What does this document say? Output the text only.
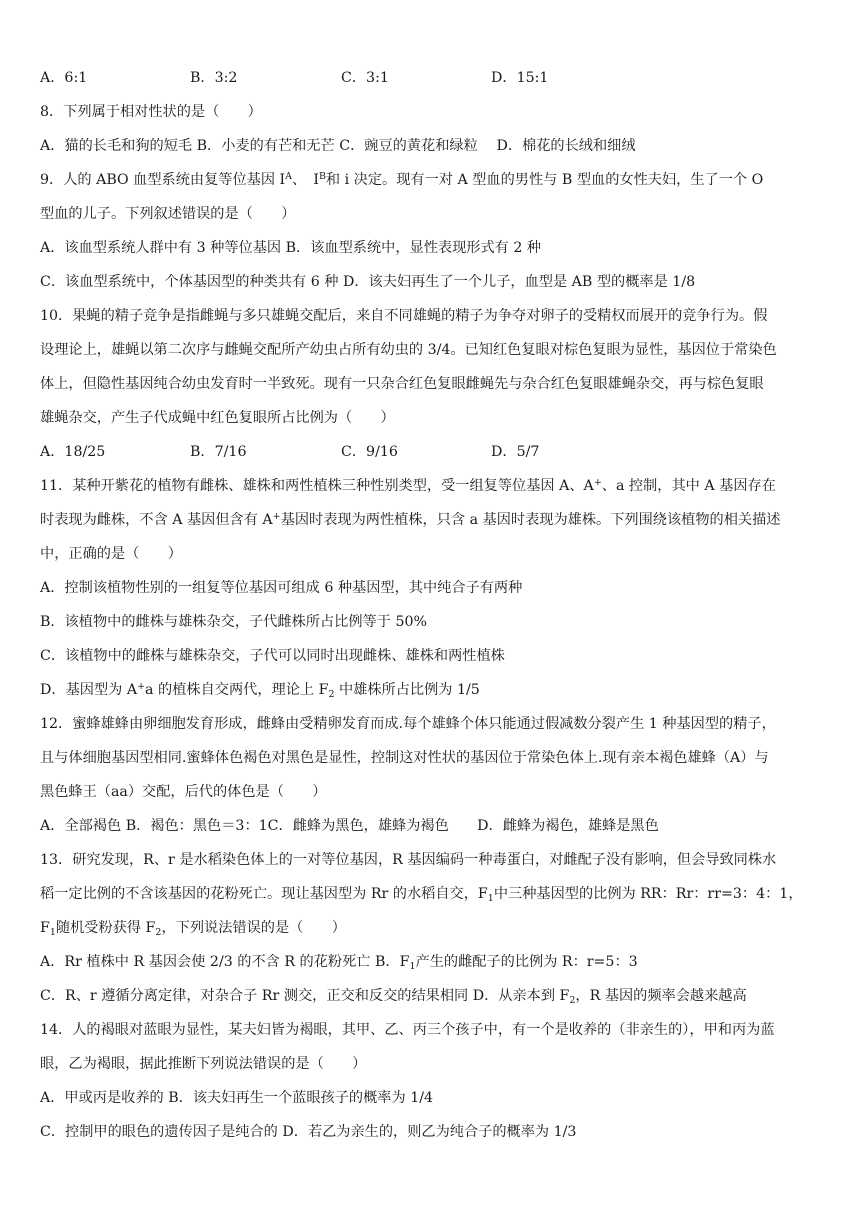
A．6:1	B．3:2	C．3:1	D．15:1
8．下列属于相对性状的是（　　）
A．猫的长毛和狗的短毛 B．小麦的有芒和无芒 C．豌豆的黄花和绿粒　 D．棉花的长绒和细绒
9．人的 ABO 血型系统由复等位基因 $I^A$、　$I^B$和 i 决定。现有一对 A 型血的男性与 B 型血的女性夫妇，生了一个 O
型血的儿子。下列叙述错误的是（　　）
A．该血型系统人群中有 3 种等位基因 B．该血型系统中，显性表现形式有 2 种
C．该血型系统中，个体基因型的种类共有 6 种 D．该夫妇再生了一个儿子，血型是 AB 型的概率是 1/8
10．果蝇的精子竞争是指雌蝇与多只雄蝇交配后，来自不同雄蝇的精子为争夺对卵子的受精权而展开的竞争行为。假
设理论上，雄蝇以第二次序与雌蝇交配所产幼虫占所有幼虫的 3/4。已知红色复眼对棕色复眼为显性，基因位于常染色
体上，但隐性基因纯合幼虫发育时一半致死。现有一只杂合红色复眼雌蝇先与杂合红色复眼雄蝇杂交，再与棕色复眼
雄蝇杂交，产生子代成蝇中红色复眼所占比例为（　　）
A．18/25	B．7/16	C．9/16	D．5/7
11．某种开紫花的植物有雌株、雄株和两性植株三种性别类型，受一组复等位基因 A、A+、a 控制，其中 A 基因存在
时表现为雌株，不含 A 基因但含有 A+基因时表现为两性植株，只含 a 基因时表现为雄株。下列围绕该植物的相关描述
中，正确的是（　　）
A．控制该植物性别的一组复等位基因可组成 6 种基因型，其中纯合子有两种
B．该植物中的雌株与雄株杂交，子代雌株所占比例等于 50%
C．该植物中的雌株与雄株杂交，子代可以同时出现雌株、雄株和两性植株
D．基因型为 A+a 的植株自交两代，理论上 $F_2$ 中雄株所占比例为 1/5
12．蜜蜂雄蜂由卵细胞发育形成，雌蜂由受精卵发育而成.每个雄蜂个体只能通过假减数分裂产生 1 种基因型的精子，
且与体细胞基因型相同.蜜蜂体色褐色对黑色是显性，控制这对性状的基因位于常染色体上.现有亲本褐色雄蜂（A）与
黑色蜂王（aa）交配，后代的体色是（　　）
A．全部褐色 B．褐色：黑色＝3：1C．雌蜂为黑色，雄蜂为褐色　　D．雌蜂为褐色，雄蜂是黑色
13．研究发现，R、r 是水稻染色体上的一对等位基因，R 基因编码一种毒蛋白，对雌配子没有影响，但会导致同株水
稻一定比例的不含该基因的花粉死亡。现让基因型为 Rr 的水稻自交，$F_1$中三种基因型的比例为 RR：Rr：rr=3：4：1，
$F_1$随机受粉获得 $F_2$，下列说法错误的是（　　）
A．Rr 植株中 R 基因会使 2/3 的不含 R 的花粉死亡 B．$F_1$产生的雌配子的比例为 R：r=5：3
C．R、r 遵循分离定律，对杂合子 Rr 测交，正交和反交的结果相同 D．从亲本到 $F_2$，R 基因的频率会越来越高
14．人的褐眼对蓝眼为显性，某夫妇皆为褐眼，其甲、乙、丙三个孩子中，有一个是收养的（非亲生的），甲和丙为蓝
眼，乙为褐眼，据此推断下列说法错误的是（　　）
A．甲或丙是收养的 B．该夫妇再生一个蓝眼孩子的概率为 1/4
C．控制甲的眼色的遗传因子是纯合的 D．若乙为亲生的，则乙为纯合子的概率为 1/3
